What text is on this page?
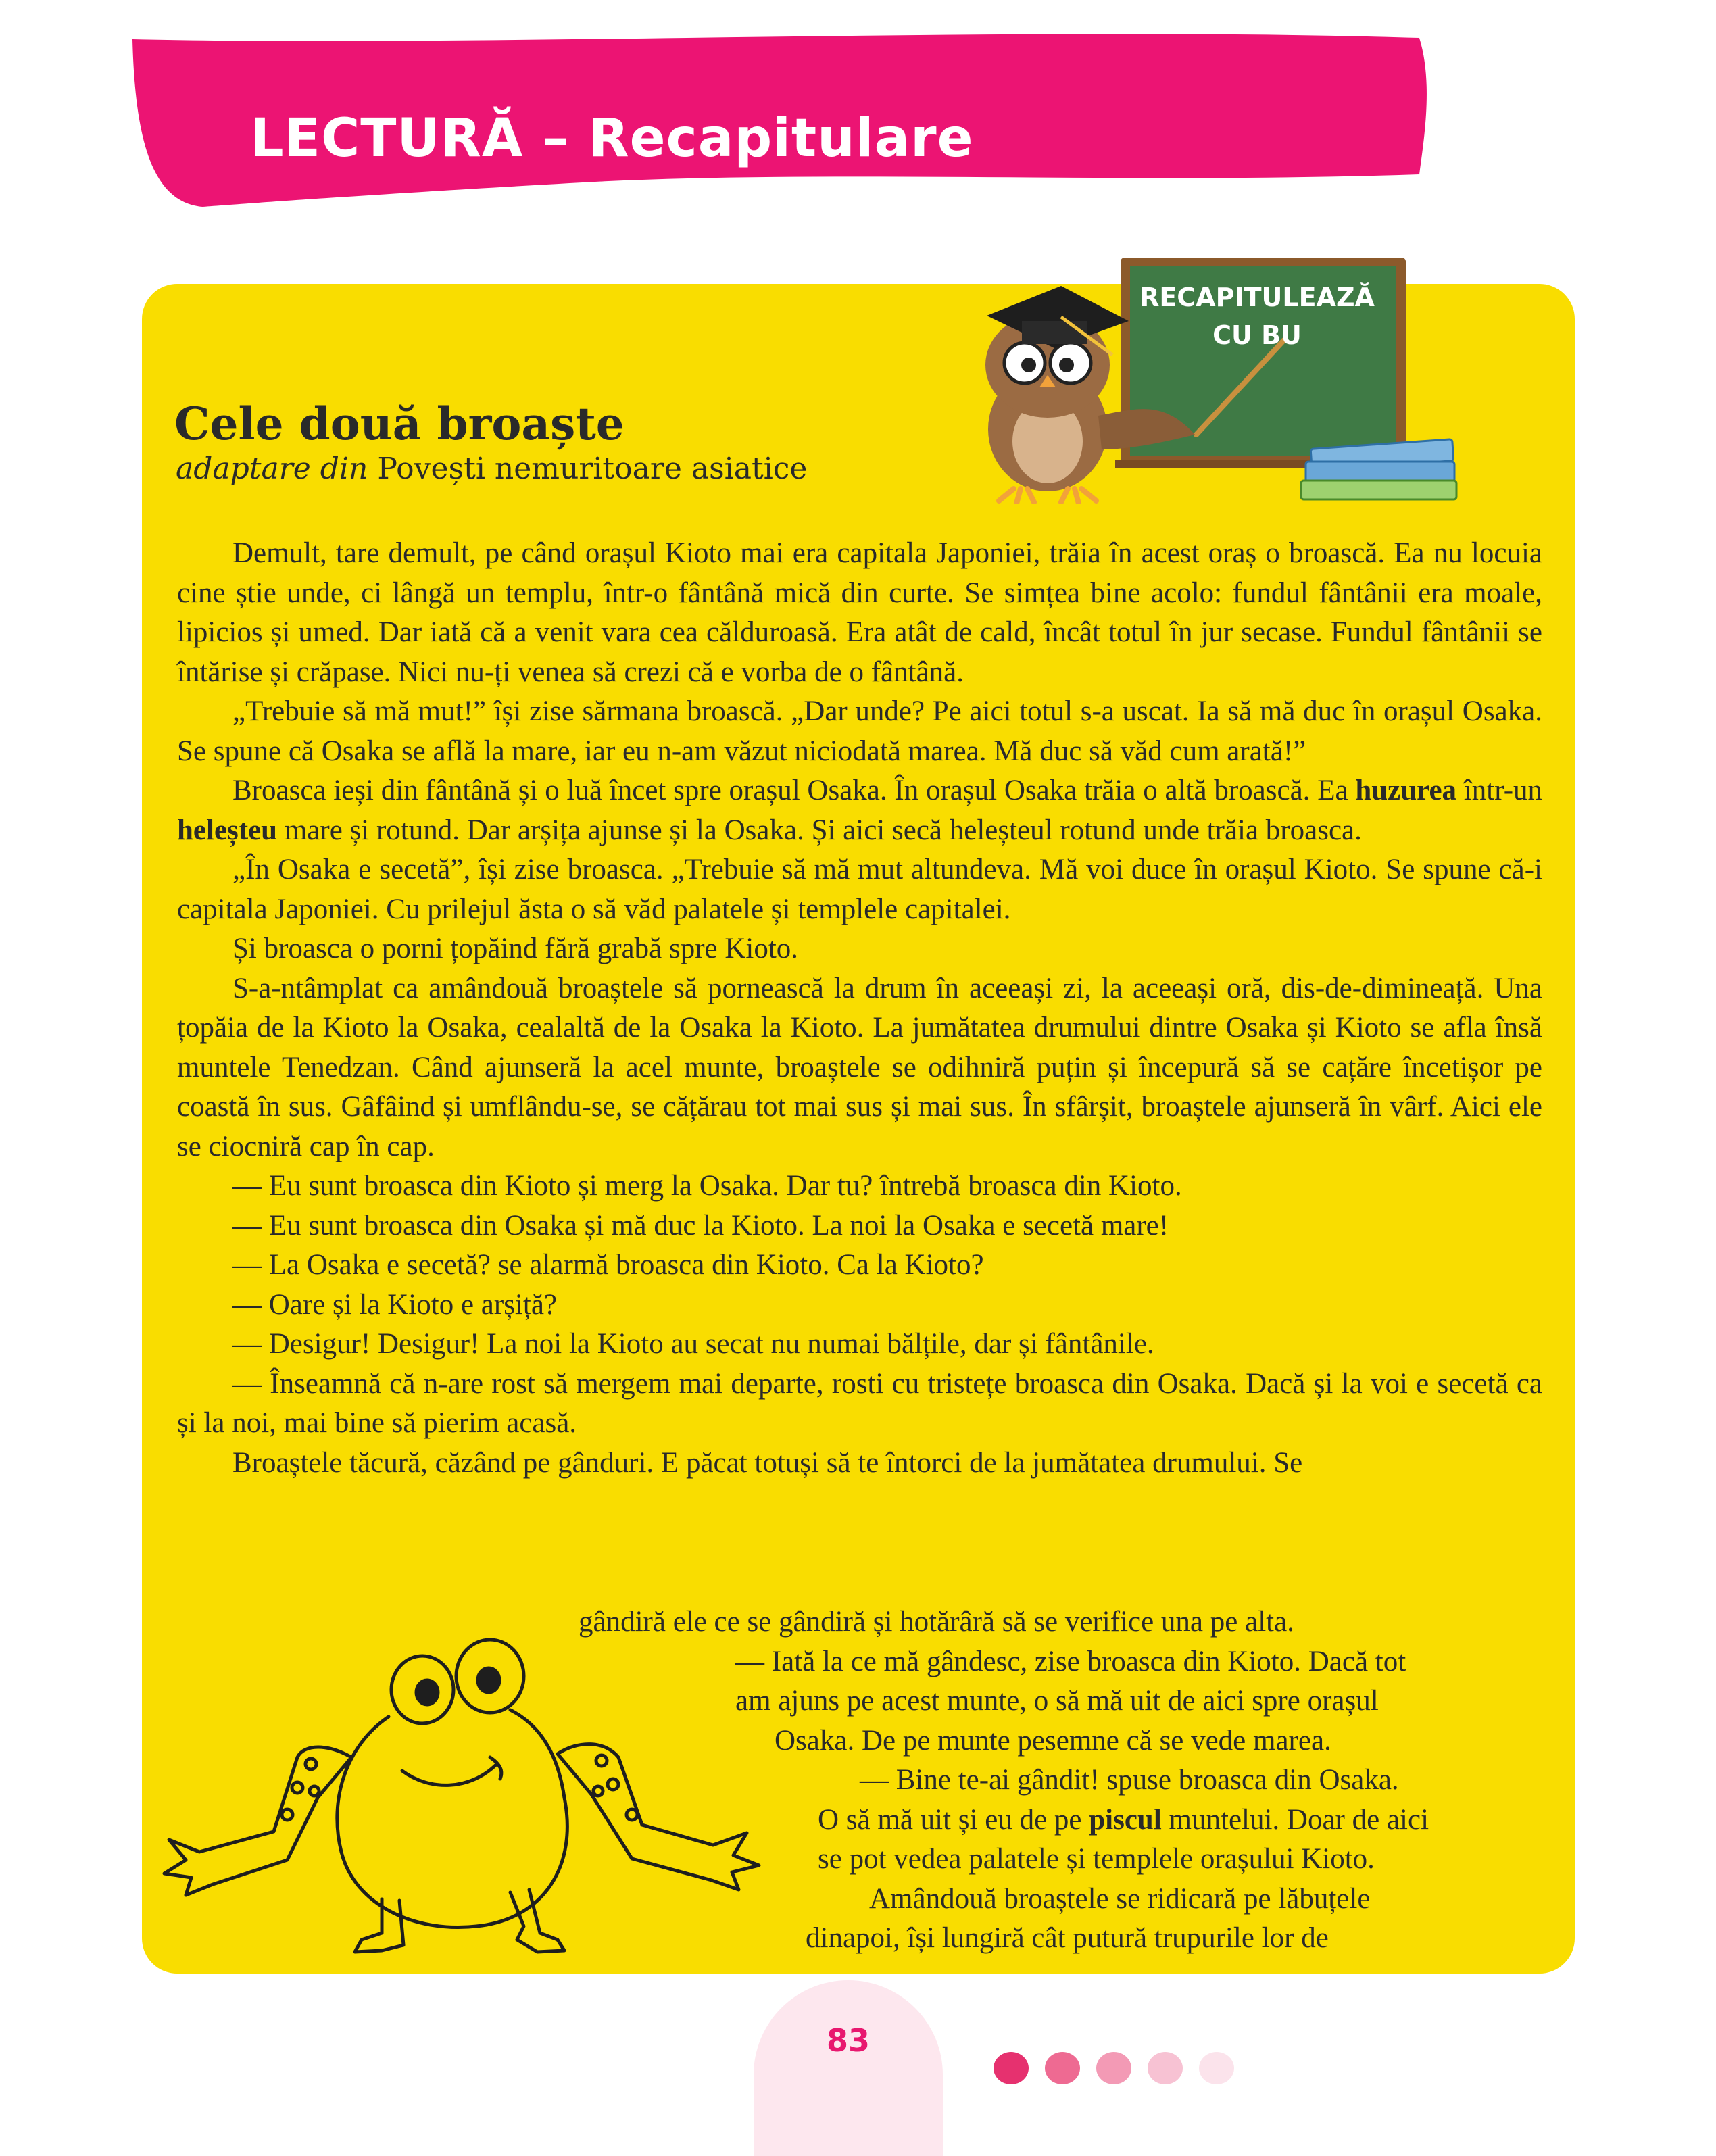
LECTURĂ – Recapitulare
RECAPITULEAZĂ
CU BU
Cele două broaște

adaptare din Povești nemuritoare asiatice

Demult, tare demult, pe când orașul Kioto mai era capitala Japoniei, trăia în acest oraș o broască. Ea nu locuia cine știe unde, ci lângă un templu, într-o fântână mică din curte. Se simțea bine acolo: fundul fântânii era moale, lipicios și umed. Dar iată că a venit vara cea călduroasă. Era atât de cald, încât totul în jur secase. Fundul fântânii se întărise și crăpase. Nici nu-ți venea să crezi că e vorba de o fântână.

„Trebuie să mă mut!” își zise sărmana broască. „Dar unde? Pe aici totul s-a uscat. Ia să mă duc în orașul Osaka. Se spune că Osaka se află la mare, iar eu n-am văzut niciodată marea. Mă duc să văd cum arată!”

Broasca ieși din fântână și o luă încet spre orașul Osaka. În orașul Osaka trăia o altă broască. Ea huzurea într-un heleșteu mare și rotund. Dar arșița ajunse și la Osaka. Și aici secă heleșteul rotund unde trăia broasca.

„În Osaka e secetă”, își zise broasca. „Trebuie să mă mut altundeva. Mă voi duce în orașul Kioto. Se spune că-i capitala Japoniei. Cu prilejul ăsta o să văd palatele și templele capitalei.

Și broasca o porni țopăind fără grabă spre Kioto.

S-a-ntâmplat ca amândouă broaștele să pornească la drum în aceeași zi, la aceeași oră, dis-de-dimineață. Una țopăia de la Kioto la Osaka, cealaltă de la Osaka la Kioto. La jumătatea drumului dintre Osaka și Kioto se afla însă muntele Tenedzan. Când ajunseră la acel munte, broaștele se odihniră puțin și începură să se cațăre încetișor pe coastă în sus. Gâfâind și umflându-se, se cățărau tot mai sus și mai sus. În sfârșit, broaștele ajunseră în vârf. Aici ele se ciocniră cap în cap.

— Eu sunt broasca din Kioto și merg la Osaka. Dar tu? întrebă broasca din Kioto.

— Eu sunt broasca din Osaka și mă duc la Kioto. La noi la Osaka e secetă mare!

— La Osaka e secetă? se alarmă broasca din Kioto. Ca la Kioto?

— Oare și la Kioto e arșiță?

— Desigur! Desigur! La noi la Kioto au secat nu numai bălțile, dar și fântânile.

— Înseamnă că n-are rost să mergem mai departe, rosti cu tristețe broasca din Osaka. Dacă și la voi e secetă ca și la noi, mai bine să pierim acasă.

Broaștele tăcură, căzând pe gânduri. E păcat totuși să te întorci de la jumătatea drumului. Se

gândiră ele ce se gândiră și hotărâră să se verifice una pe alta.

— Iată la ce mă gândesc, zise broasca din Kioto. Dacă tot

am ajuns pe acest munte, o să mă uit de aici spre orașul

Osaka. De pe munte pesemne că se vede marea.

— Bine te-ai gândit! spuse broasca din Osaka.

O să mă uit și eu de pe piscul muntelui. Doar de aici

se pot vedea palatele și templele orașului Kioto.

Amândouă broaștele se ridicară pe lăbuțele

dinapoi, își lungiră cât putură trupurile lor de

83
